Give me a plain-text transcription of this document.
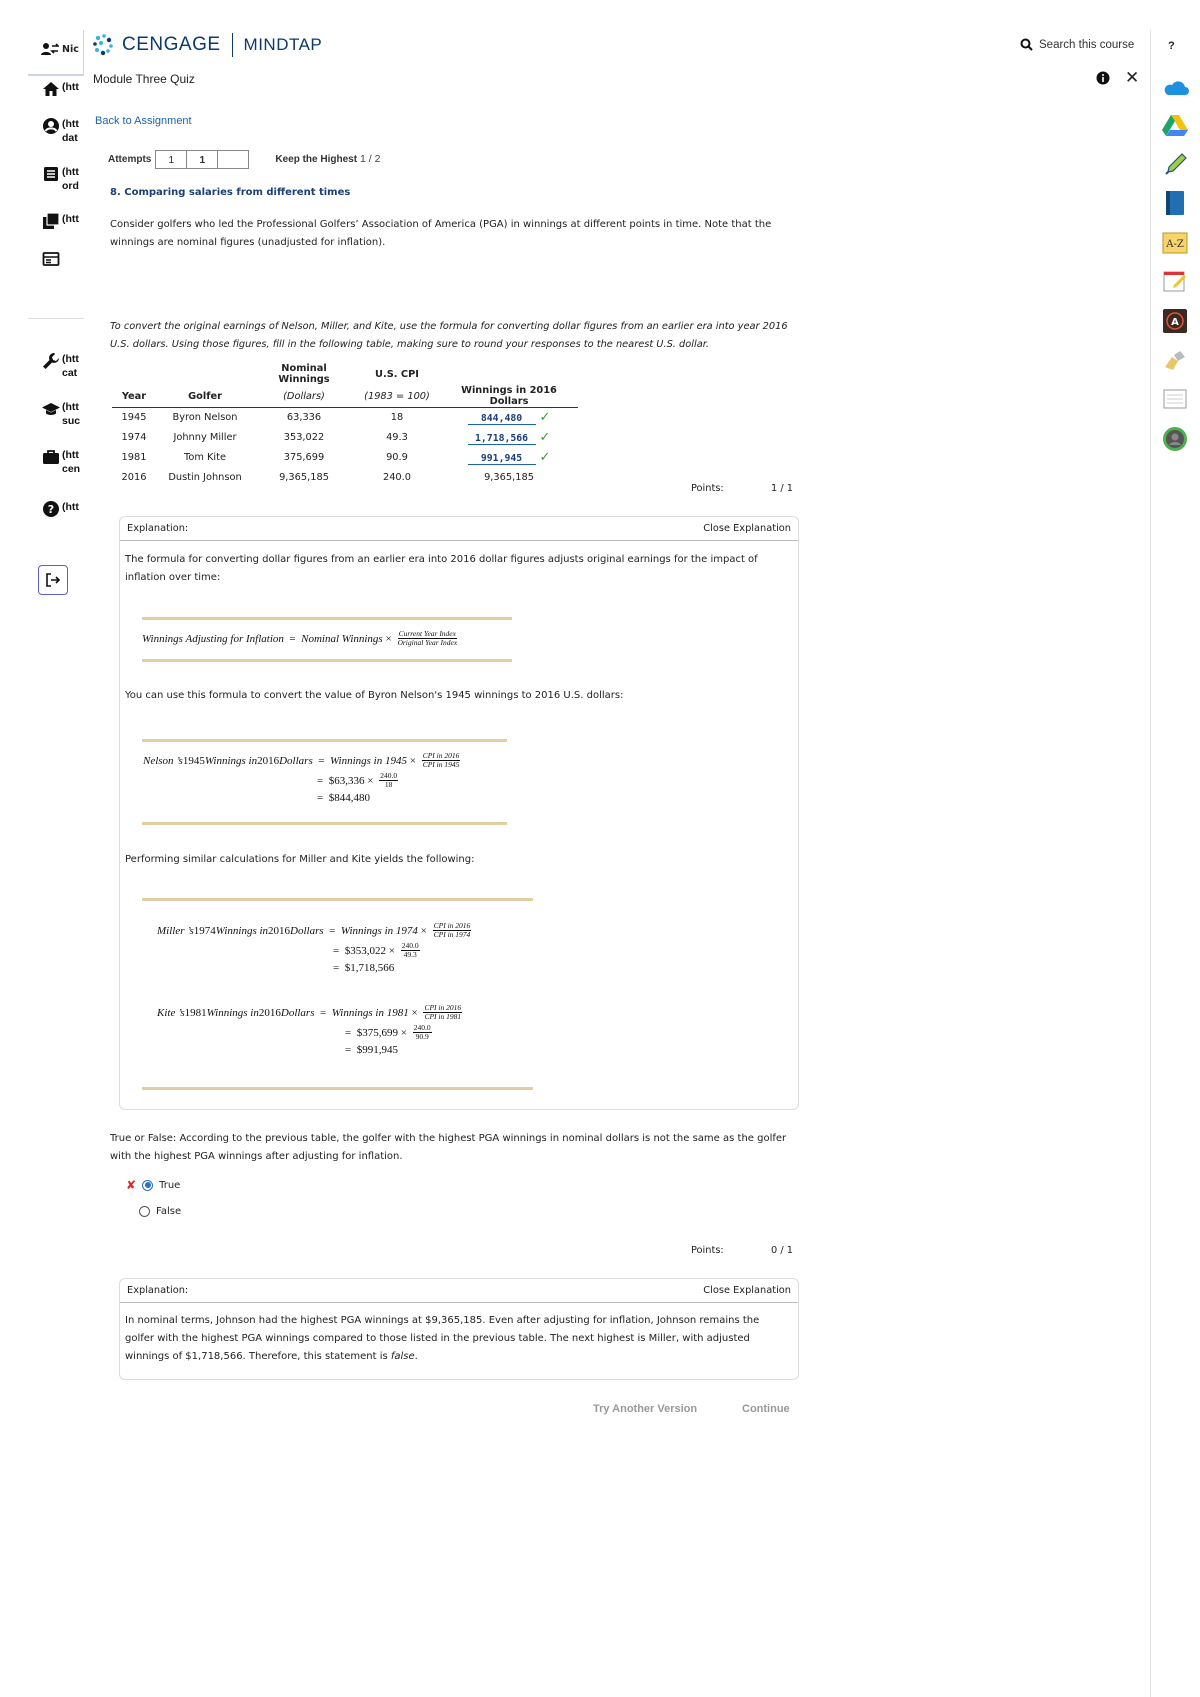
Nic
(htt
(htt
dat
(htt
ord
(htt
(htt
cat
(htt
suc
(htt
cen
? (htt
CENGAGE MINDTAP	Search this course	?
Module Three Quiz	✕
A-Z
A
Back to Assignment
Attempts	1	1	Keep the Highest 1 / 2
8. Comparing salaries from different times
Consider golfers who led the Professional Golfers’ Association of America (PGA) in winnings at different points in time. Note that the winnings are nominal figures (unadjusted for inflation).
To convert the original earnings of Nelson, Miller, and Kite, use the formula for converting dollar figures from an earlier era into year 2016 U.S. dollars. Using those figures, fill in the following table, making sure to round your responses to the nearest U.S. dollar.
		Nominal Winnings	U.S. CPI	
Year	Golfer	(Dollars)	(1983 = 100)	Winnings in 2016 Dollars
1945	Byron Nelson	63,336	18	844,480 ✓
1974	Johnny Miller	353,022	49.3	1,718,566 ✓
1981	Tom Kite	375,699	90.9	991,945 ✓
2016	Dustin Johnson	9,365,185	240.0	9,365,185
Points:	1 / 1
Explanation:	Close Explanation
The formula for converting dollar figures from an earlier era into 2016 dollar figures adjusts original earnings for the impact of inflation over time:
Winnings Adjusting for Inflation = Nominal Winnings × $\frac{\text{Current Year Index}}{\text{Original Year Index}}$
You can use this formula to convert the value of Byron Nelson's 1945 winnings to 2016 U.S. dollars:
Nelson ’s 1945 Winnings in 2016 Dollars = Winnings in $1945 \times \frac{\text{CPI in 2016}}{\text{CPI in 1945}}$
= $63,336 × $\frac{240.0}{18}$
= $844,480
Performing similar calculations for Miller and Kite yields the following:
Miller ’s 1974 Winnings in 2016 Dollars = Winnings in $1974 \times \frac{\text{CPI in 2016}}{\text{CPI in 1974}}$
= $353,022 × $\frac{240.0}{49.3}$
= $1,718,566
Kite ’s 1981 Winnings in 2016 Dollars = Winnings in $1981 \times \frac{\text{CPI in 2016}}{\text{CPI in 1981}}$
= $375,699 × $\frac{240.0}{90.9}$
= $991,945
True or False: According to the previous table, the golfer with the highest PGA winnings in nominal dollars is not the same as the golfer with the highest PGA winnings after adjusting for inflation.
✘ True
False
Points:	0 / 1
Explanation:	Close Explanation
In nominal terms, Johnson had the highest PGA winnings at $9,365,185. Even after adjusting for inflation, Johnson remains the golfer with the highest PGA winnings compared to those listed in the previous table. The next highest is Miller, with adjusted winnings of $1,718,566. Therefore, this statement is false.
Try Another Version	Continue
